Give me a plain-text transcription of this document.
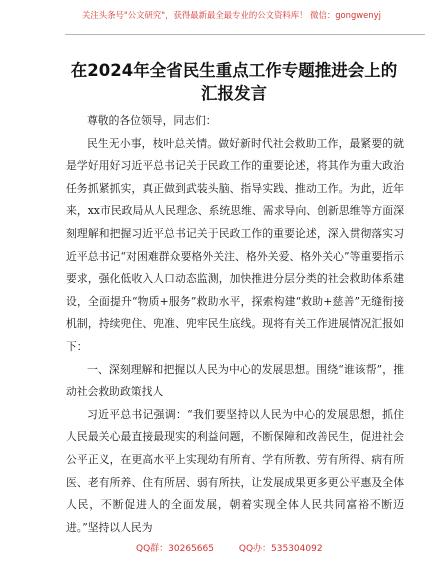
关注头条号"公文研究"，获得最新最全最专业的公文资料库！ 微信：gongwenyj
在2024年全省民生重点工作专题推进会上的汇报发言

尊敬的各位领导，同志们：

民生无小事，枝叶总关情。做好新时代社会救助工作，最紧要的就是学好用好习近平总书记关于民政工作的重要论述，将其作为重大政治任务抓紧抓实，真正做到武装头脑、指导实践、推动工作。为此，近年来，xx市民政局从人民理念、系统思维、需求导向、创新思维等方面深刻理解和把握习近平总书记关于民政工作的重要论述，深入贯彻落实习近平总书记“对困难群众要格外关注、格外关爱、格外关心”等重要指示要求，强化低收入人口动态监测，加快推进分层分类的社会救助体系建设，全面提升“物质+服务”救助水平，探索构建“救助+慈善”无缝衔接机制，持续兜住、兜准、兜牢民生底线。现将有关工作进展情况汇报如下：

一、深刻理解和把握以人民为中心的发展思想。围绕“谁该帮”，推动社会救助政策找人

习近平总书记强调：“我们要坚持以人民为中心的发展思想，抓住人民最关心最直接最现实的利益问题，不断保障和改善民生，促进社会公平正义，在更高水平上实现幼有所育、学有所教、劳有所得、病有所医、老有所养、住有所居、弱有所扶，让发展成果更多更公平惠及全体人民，不断促进人的全面发展，朝着实现全体人民共同富裕不断迈进。”坚持以人民为

QQ群：30265665	QQ办：535304092
